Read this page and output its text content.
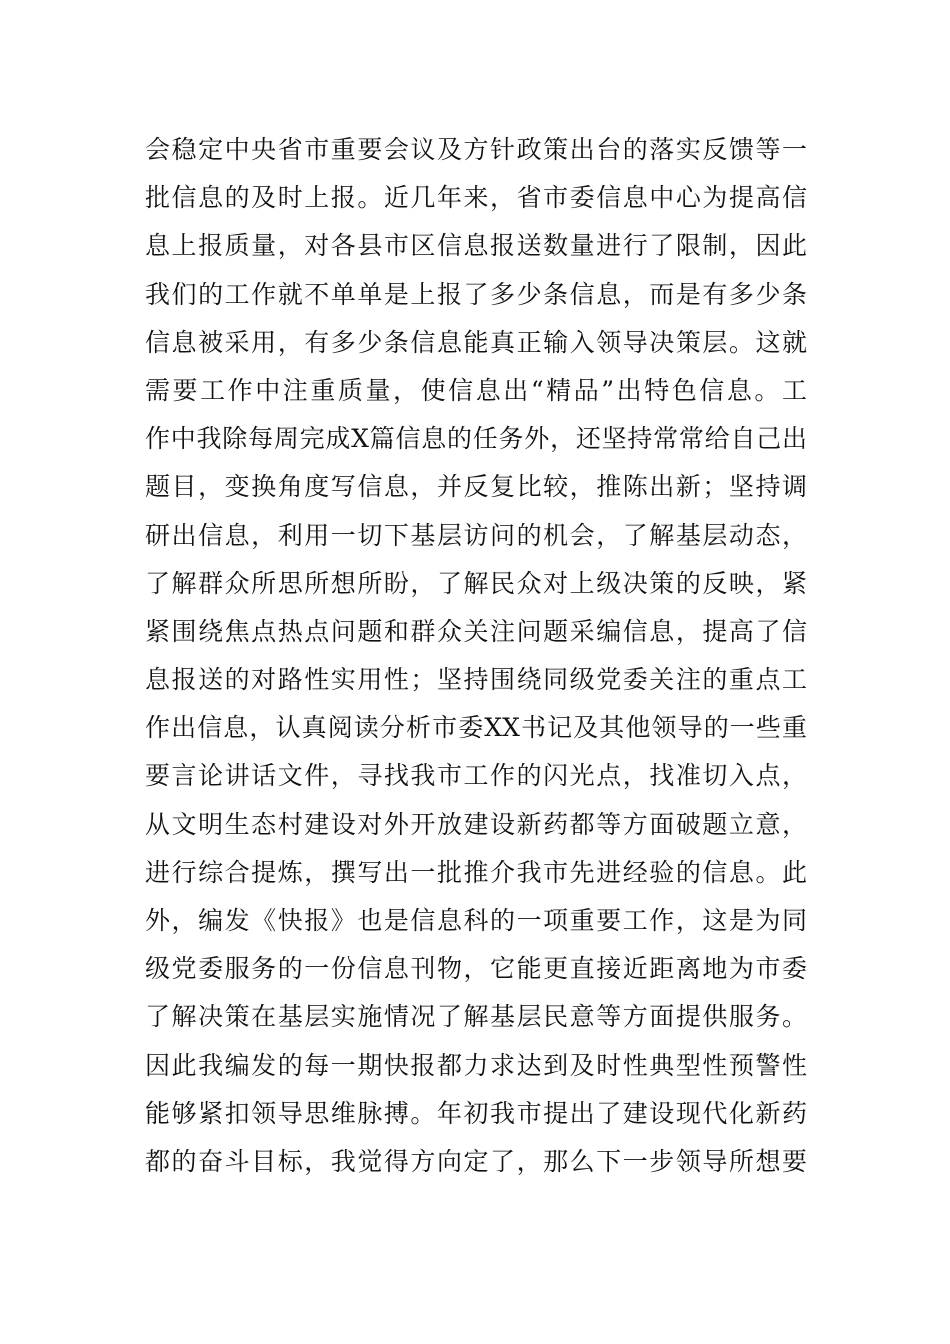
会稳定中央省市重要会议及方针政策出台的落实反馈等一
批信息的及时上报。近几年来，省市委信息中心为提高信
息上报质量，对各县市区信息报送数量进行了限制，因此
我们的工作就不单单是上报了多少条信息，而是有多少条
信息被采用，有多少条信息能真正输入领导决策层。这就
需要工作中注重质量，使信息出“精品”出特色信息。工
作中我除每周完成X篇信息的任务外，还坚持常常给自己出
题目，变换角度写信息，并反复比较，推陈出新；坚持调
研出信息，利用一切下基层访问的机会，了解基层动态，
了解群众所思所想所盼，了解民众对上级决策的反映，紧
紧围绕焦点热点问题和群众关注问题采编信息，提高了信
息报送的对路性实用性；坚持围绕同级党委关注的重点工
作出信息，认真阅读分析市委XX书记及其他领导的一些重
要言论讲话文件，寻找我市工作的闪光点，找准切入点，
从文明生态村建设对外开放建设新药都等方面破题立意，
进行综合提炼，撰写出一批推介我市先进经验的信息。此
外，编发《快报》也是信息科的一项重要工作，这是为同
级党委服务的一份信息刊物，它能更直接近距离地为市委
了解决策在基层实施情况了解基层民意等方面提供服务。
因此我编发的每一期快报都力求达到及时性典型性预警性
能够紧扣领导思维脉搏。年初我市提出了建设现代化新药
都的奋斗目标，我觉得方向定了，那么下一步领导所想要
